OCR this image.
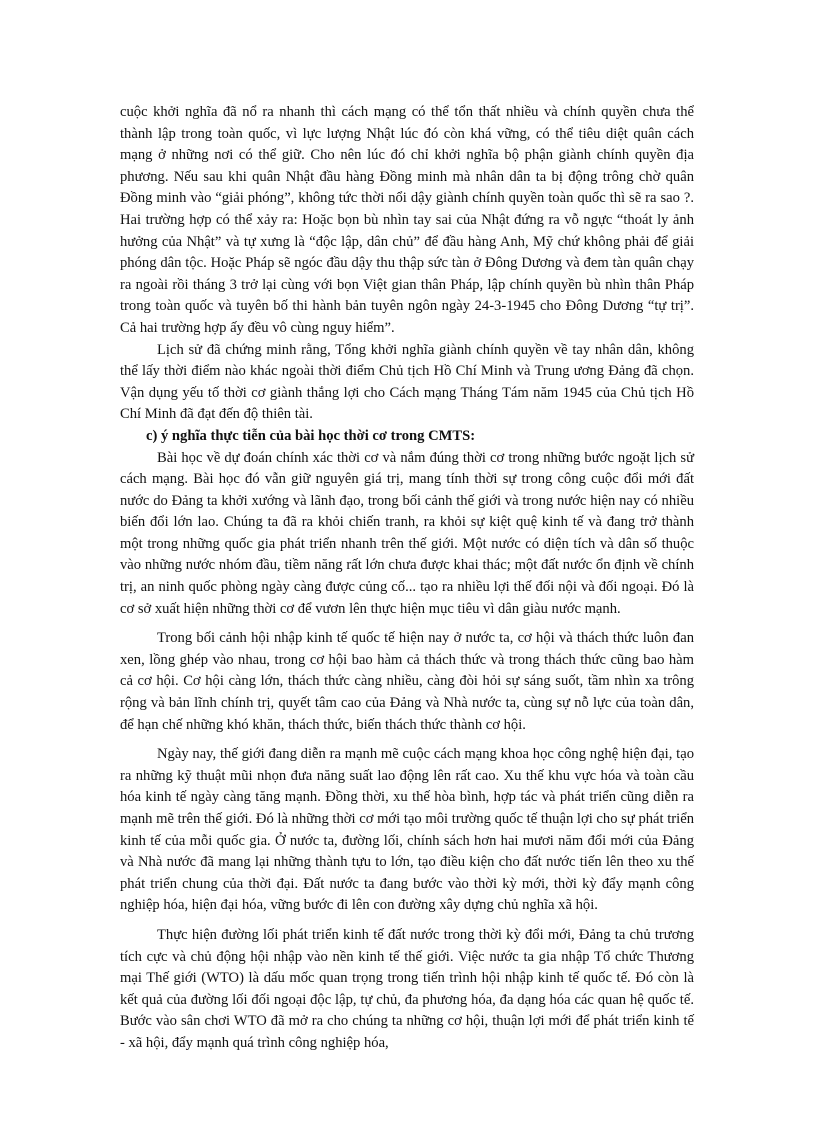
cuộc khởi nghĩa đã nổ ra nhanh thì cách mạng có thể tổn thất nhiều và chính quyền chưa thể thành lập trong toàn quốc, vì lực lượng Nhật lúc đó còn khá vững, có thể tiêu diệt quân cách mạng ở những nơi có thể giữ. Cho nên lúc đó chỉ khởi nghĩa bộ phận giành chính quyền địa phương. Nếu sau khi quân Nhật đầu hàng Đồng minh mà nhân dân ta bị động trông chờ quân Đồng minh vào “giải phóng”, không tức thời nổi dậy giành chính quyền toàn quốc thì sẽ ra sao ?. Hai trường hợp có thể xảy ra: Hoặc bọn bù nhìn tay sai của Nhật đứng ra vỗ ngực “thoát ly ảnh hưởng của Nhật” và tự xưng là “độc lập, dân chủ” để đầu hàng Anh, Mỹ chứ không phải để giải phóng dân tộc. Hoặc Pháp sẽ ngóc đầu dậy thu thập sức tàn ở Đông Dương và đem tàn quân chạy ra ngoài rồi tháng 3 trở lại cùng với bọn Việt gian thân Pháp, lập chính quyền bù nhìn thân Pháp trong toàn quốc và tuyên bố thi hành bản tuyên ngôn ngày 24-3-1945 cho Đông Dương “tự trị”. Cả hai trường hợp ấy đều vô cùng nguy hiểm”.

Lịch sử đã chứng minh rằng, Tổng khởi nghĩa giành chính quyền về tay nhân dân, không thể lấy thời điểm nào khác ngoài thời điểm Chủ tịch Hồ Chí Minh và Trung ương Đảng đã chọn. Vận dụng yếu tố thời cơ giành thắng lợi cho Cách mạng Tháng Tám năm 1945 của Chủ tịch Hồ Chí Minh đã đạt đến độ thiên tài.

c) ý nghĩa thực tiễn của bài học thời cơ trong CMTS:

Bài học về dự đoán chính xác thời cơ và nắm đúng thời cơ trong những bước ngoặt lịch sử cách mạng. Bài học đó vẫn giữ nguyên giá trị, mang tính thời sự trong công cuộc đổi mới đất nước do Đảng ta khởi xướng và lãnh đạo, trong bối cảnh thế giới và trong nước hiện nay có nhiều biến đổi lớn lao. Chúng ta đã ra khỏi chiến tranh, ra khỏi sự kiệt quệ kinh tế và đang trở thành một trong những quốc gia phát triển nhanh trên thế giới. Một nước có diện tích và dân số thuộc vào những nước nhóm đầu, tiềm năng rất lớn chưa được khai thác; một đất nước ổn định về chính trị, an ninh quốc phòng ngày càng được củng cố... tạo ra nhiều lợi thế đối nội và đối ngoại. Đó là cơ sở xuất hiện những thời cơ để vươn lên thực hiện mục tiêu vì dân giàu nước mạnh.

Trong bối cảnh hội nhập kinh tế quốc tế hiện nay ở nước ta, cơ hội và thách thức luôn đan xen, lồng ghép vào nhau, trong cơ hội bao hàm cả thách thức và trong thách thức cũng bao hàm cả cơ hội. Cơ hội càng lớn, thách thức càng nhiều, càng đòi hỏi sự sáng suốt, tầm nhìn xa trông rộng và bản lĩnh chính trị, quyết tâm cao của Đảng và Nhà nước ta, cùng sự nỗ lực của toàn dân, để hạn chế những khó khăn, thách thức, biến thách thức thành cơ hội.

Ngày nay, thế giới đang diễn ra mạnh mẽ cuộc cách mạng khoa học công nghệ hiện đại, tạo ra những kỹ thuật mũi nhọn đưa năng suất lao động lên rất cao. Xu thế khu vực hóa và toàn cầu hóa kinh tế ngày càng tăng mạnh. Đồng thời, xu thế hòa bình, hợp tác và phát triển cũng diễn ra mạnh mẽ trên thế giới. Đó là những thời cơ mới tạo môi trường quốc tế thuận lợi cho sự phát triển kinh tế của mỗi quốc gia. Ở nước ta, đường lối, chính sách hơn hai mươi năm đổi mới của Đảng và Nhà nước đã mang lại những thành tựu to lớn, tạo điều kiện cho đất nước tiến lên theo xu thế phát triển chung của thời đại. Đất nước ta đang bước vào thời kỳ mới, thời kỳ đẩy mạnh công nghiệp hóa, hiện đại hóa, vững bước đi lên con đường xây dựng chủ nghĩa xã hội.

Thực hiện đường lối phát triển kinh tế đất nước trong thời kỳ đổi mới, Đảng ta chủ trương tích cực và chủ động hội nhập vào nền kinh tế thế giới. Việc nước ta gia nhập Tổ chức Thương mại Thế giới (WTO) là dấu mốc quan trọng trong tiến trình hội nhập kinh tế quốc tế. Đó còn là kết quả của đường lối đối ngoại độc lập, tự chủ, đa phương hóa, đa dạng hóa các quan hệ quốc tế. Bước vào sân chơi WTO đã mở ra cho chúng ta những cơ hội, thuận lợi mới để phát triển kinh tế - xã hội, đẩy mạnh quá trình công nghiệp hóa,
